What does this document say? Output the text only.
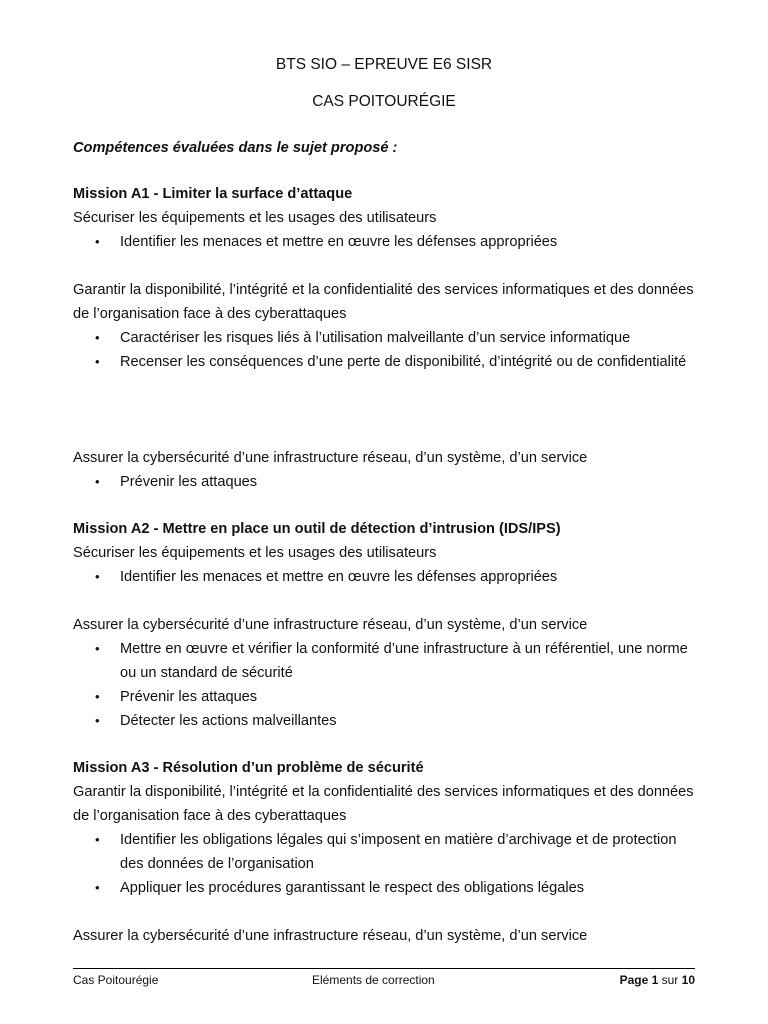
BTS SIO – EPREUVE E6 SISR
CAS POITOURÉGIE

Compétences évaluées dans le sujet proposé :

Mission A1 - Limiter la surface d’attaque

Sécuriser les équipements et les usages des utilisateurs

• Identifier les menaces et mettre en œuvre les défenses appropriées

Garantir la disponibilité, l’intégrité et la confidentialité des services informatiques et des données de l’organisation face à des cyberattaques

• Caractériser les risques liés à l’utilisation malveillante d’un service informatique
• Recenser les conséquences d’une perte de disponibilité, d’intégrité ou de confidentialité

Assurer la cybersécurité d’une infrastructure réseau, d’un système, d’un service

• Prévenir les attaques

Mission A2 - Mettre en place un outil de détection d’intrusion (IDS/IPS)

Sécuriser les équipements et les usages des utilisateurs

• Identifier les menaces et mettre en œuvre les défenses appropriées

Assurer la cybersécurité d’une infrastructure réseau, d’un système, d’un service

• Mettre en œuvre et vérifier la conformité d’une infrastructure à un référentiel, une norme ou un standard de sécurité
• Prévenir les attaques
• Détecter les actions malveillantes

Mission A3 - Résolution d’un problème de sécurité

Garantir la disponibilité, l’intégrité et la confidentialité des services informatiques et des données de l’organisation face à des cyberattaques

• Identifier les obligations légales qui s’imposent en matière d’archivage et de protection des données de l’organisation
• Appliquer les procédures garantissant le respect des obligations légales

Assurer la cybersécurité d’une infrastructure réseau, d’un système, d’un service

Cas Poitourégie	Eléments de correction	Page 1 sur 10
